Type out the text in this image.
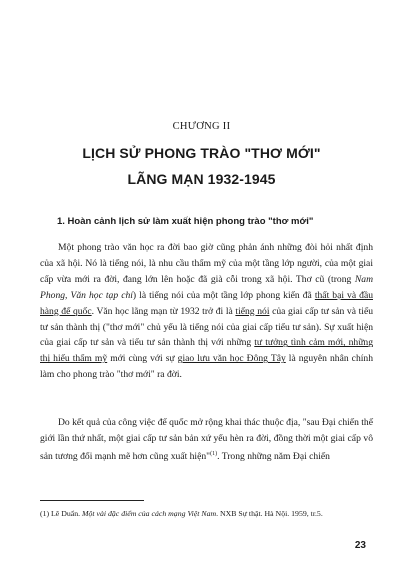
CHƯƠNG II
LỊCH SỬ PHONG TRÀO "THƠ MỚI"
LÃNG MẠN 1932-1945
1. Hoàn cảnh lịch sử làm xuất hiện phong trào "thơ mới"
Một phong trào văn học ra đời bao giờ cũng phản ánh những đòi hỏi nhất định của xã hội. Nó là tiếng nói, là nhu cầu thẩm mỹ của một tầng lớp người, của một giai cấp vừa mới ra đời, đang lớn lên hoặc đã già cỗi trong xã hội. Thơ cũ (trong Nam Phong, Văn học tạp chí) là tiếng nói của một tầng lớp phong kiến đã thất bại và đầu hàng đế quốc. Văn học lãng mạn từ 1932 trở đi là tiếng nói của giai cấp tư sản và tiểu tư sản thành thị ("thơ mới" chủ yếu là tiếng nói của giai cấp tiểu tư sản). Sự xuất hiện của giai cấp tư sản và tiểu tư sản thành thị với những tư tưởng tình cảm mới, những thị hiếu thẩm mỹ mới cùng với sự giao lưu văn học Đông Tây là nguyên nhân chính làm cho phong trào "thơ mới" ra đời.
Do kết quả của công việc để quốc mở rộng khai thác thuộc địa, "sau Đại chiến thế giới lần thứ nhất, một giai cấp tư sản bản xứ yếu hèn ra đời, đồng thời một giai cấp vô sản tương đối mạnh mẽ hơn cũng xuất hiện"$^{(1)}$. Trong những năm Đại chiến
(1) Lê Duẩn. Một vài đặc điểm của cách mạng Việt Nam. NXB Sự thật. Hà Nội. 1959, tr.5.
23
